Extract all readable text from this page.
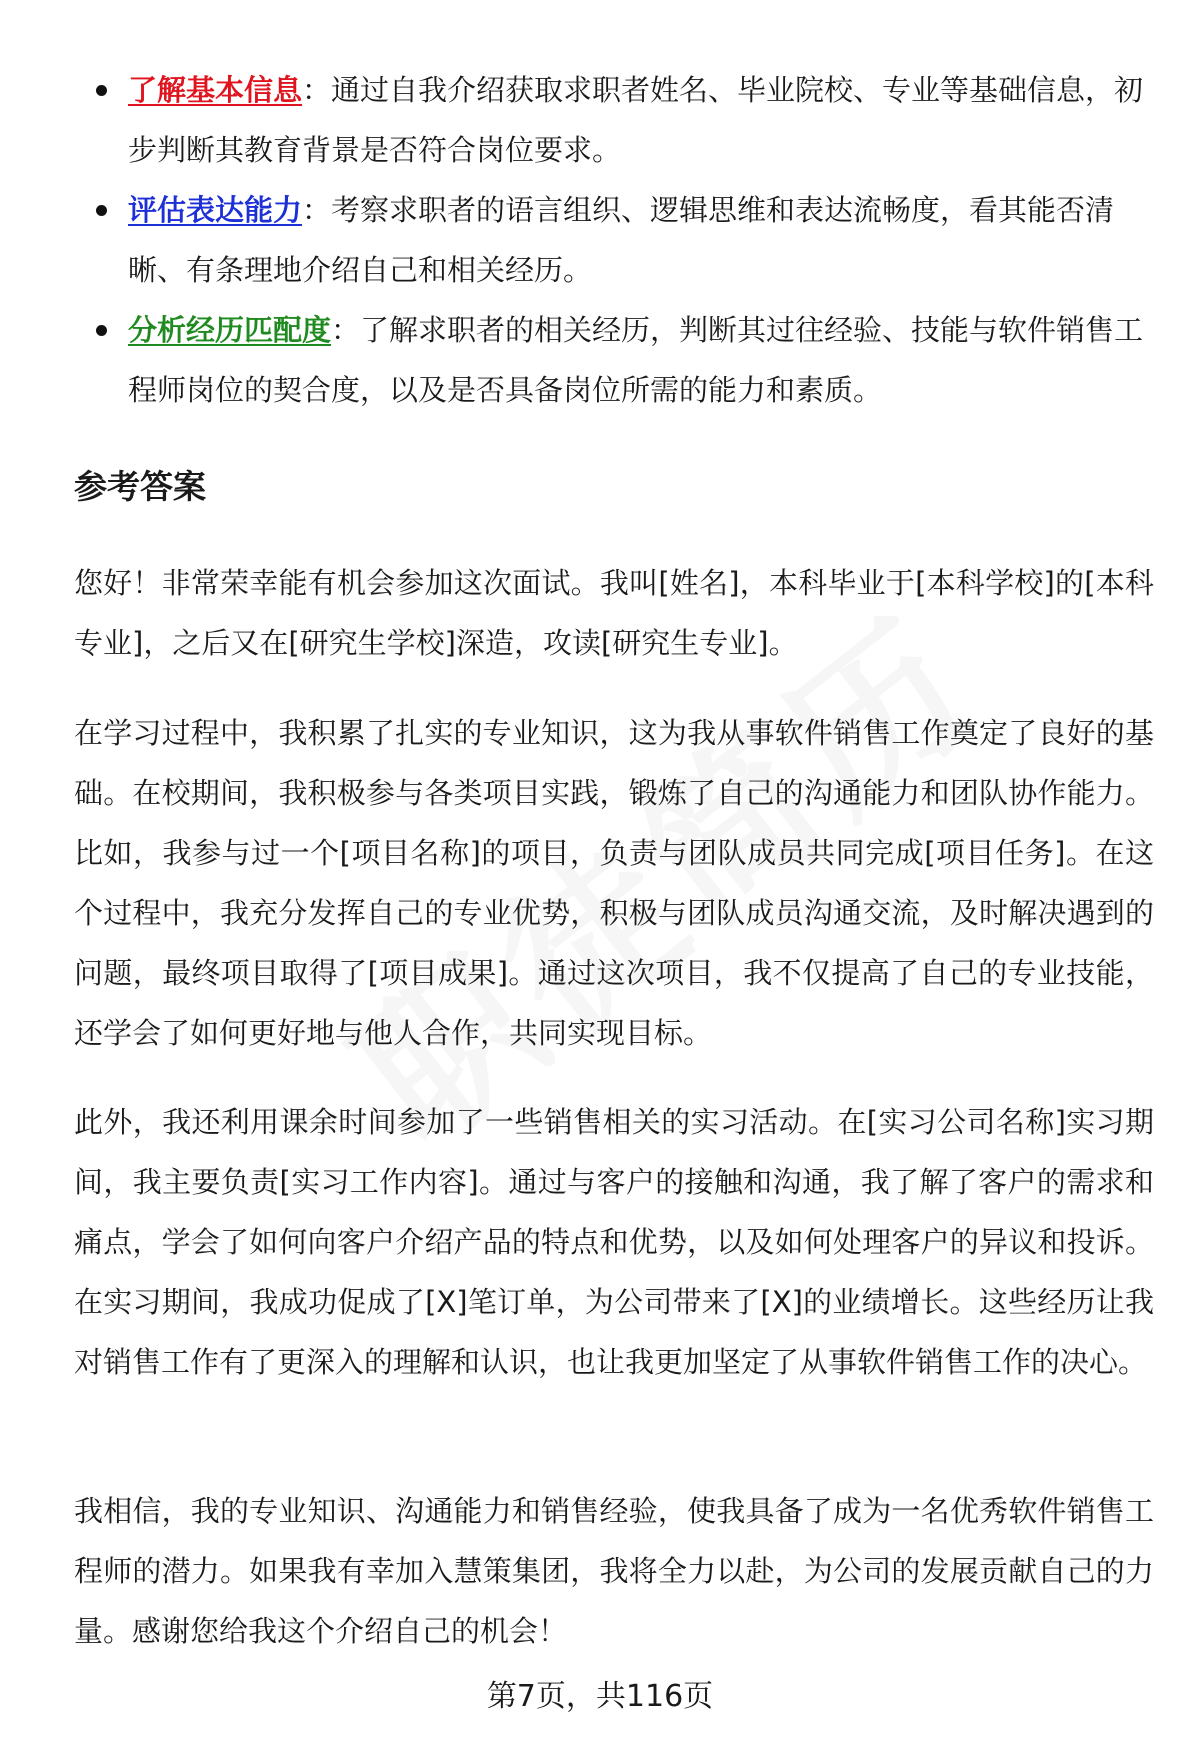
了解基本信息：通过自我介绍获取求职者姓名、毕业院校、专业等基础信息，初步判断其教育背景是否符合岗位要求。
评估表达能力：考察求职者的语言组织、逻辑思维和表达流畅度，看其能否清晰、有条理地介绍自己和相关经历。
分析经历匹配度：了解求职者的相关经历，判断其过往经验、技能与软件销售工程师岗位的契合度，以及是否具备岗位所需的能力和素质。
参考答案

您好！非常荣幸能有机会参加这次面试。我叫[姓名]，本科毕业于[本科学校]的[本科专业]，之后又在[研究生学校]深造，攻读[研究生专业]。

在学习过程中，我积累了扎实的专业知识，这为我从事软件销售工作奠定了良好的基础。在校期间，我积极参与各类项目实践，锻炼了自己的沟通能力和团队协作能力。比如，我参与过一个[项目名称]的项目，负责与团队成员共同完成[项目任务]。在这个过程中，我充分发挥自己的专业优势，积极与团队成员沟通交流，及时解决遇到的问题，最终项目取得了[项目成果]。通过这次项目，我不仅提高了自己的专业技能，还学会了如何更好地与他人合作，共同实现目标。

此外，我还利用课余时间参加了一些销售相关的实习活动。在[实习公司名称]实习期间，我主要负责[实习工作内容]。通过与客户的接触和沟通，我了解了客户的需求和痛点，学会了如何向客户介绍产品的特点和优势，以及如何处理客户的异议和投诉。在实习期间，我成功促成了[X]笔订单，为公司带来了[X]的业绩增长。这些经历让我对销售工作有了更深入的理解和认识，也让我更加坚定了从事软件销售工作的决心。

我相信，我的专业知识、沟通能力和销售经验，使我具备了成为一名优秀软件销售工程师的潜力。如果我有幸加入慧策集团，我将全力以赴，为公司的发展贡献自己的力量。感谢您给我这个介绍自己的机会！

第7页，共116页
